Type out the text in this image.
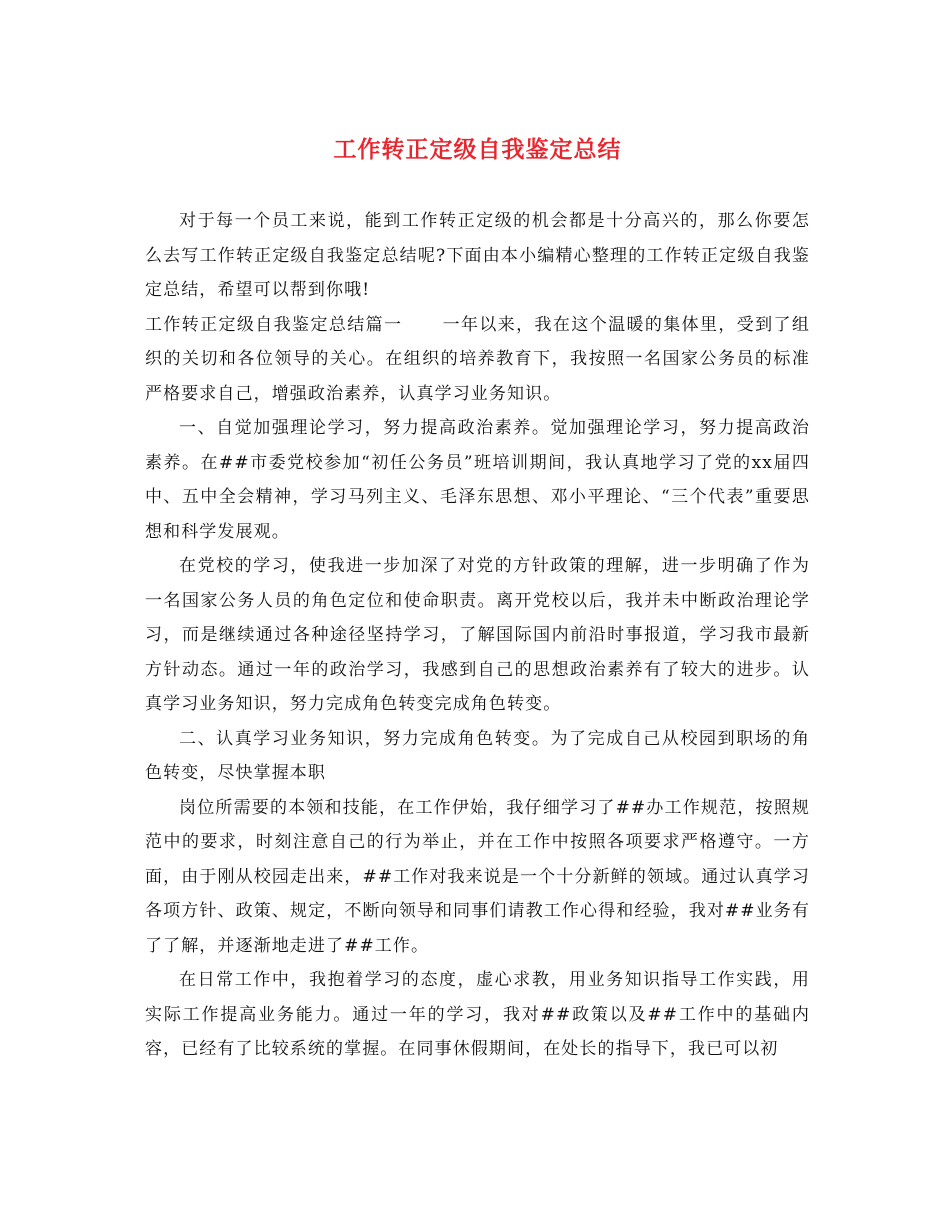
工作转正定级自我鉴定总结

对于每一个员工来说，能到工作转正定级的机会都是十分高兴的，那么你要怎么去写工作转正定级自我鉴定总结呢?下面由本小编精心整理的工作转正定级自我鉴定总结，希望可以帮到你哦!

工作转正定级自我鉴定总结篇一 一年以来，我在这个温暖的集体里，受到了组织的关切和各位领导的关心。在组织的培养教育下，我按照一名国家公务员的标准严格要求自己，增强政治素养，认真学习业务知识。

一、自觉加强理论学习，努力提高政治素养。觉加强理论学习，努力提高政治素养。在##市委党校参加“初任公务员”班培训期间，我认真地学习了党的xx届四中、五中全会精神，学习马列主义、毛泽东思想、邓小平理论、“三个代表”重要思想和科学发展观。

在党校的学习，使我进一步加深了对党的方针政策的理解，进一步明确了作为一名国家公务人员的角色定位和使命职责。离开党校以后，我并未中断政治理论学习，而是继续通过各种途径坚持学习，了解国际国内前沿时事报道，学习我市最新方针动态。通过一年的政治学习，我感到自己的思想政治素养有了较大的进步。认真学习业务知识，努力完成角色转变完成角色转变。

二、认真学习业务知识，努力完成角色转变。为了完成自己从校园到职场的角色转变，尽快掌握本职

岗位所需要的本领和技能，在工作伊始，我仔细学习了##办工作规范，按照规范中的要求，时刻注意自己的行为举止，并在工作中按照各项要求严格遵守。一方面，由于刚从校园走出来，##工作对我来说是一个十分新鲜的领域。通过认真学习各项方针、政策、规定，不断向领导和同事们请教工作心得和经验，我对##业务有了了解，并逐渐地走进了##工作。

在日常工作中，我抱着学习的态度，虚心求教，用业务知识指导工作实践，用实际工作提高业务能力。通过一年的学习，我对##政策以及##工作中的基础内容，已经有了比较系统的掌握。在同事休假期间，在处长的指导下，我已可以初
